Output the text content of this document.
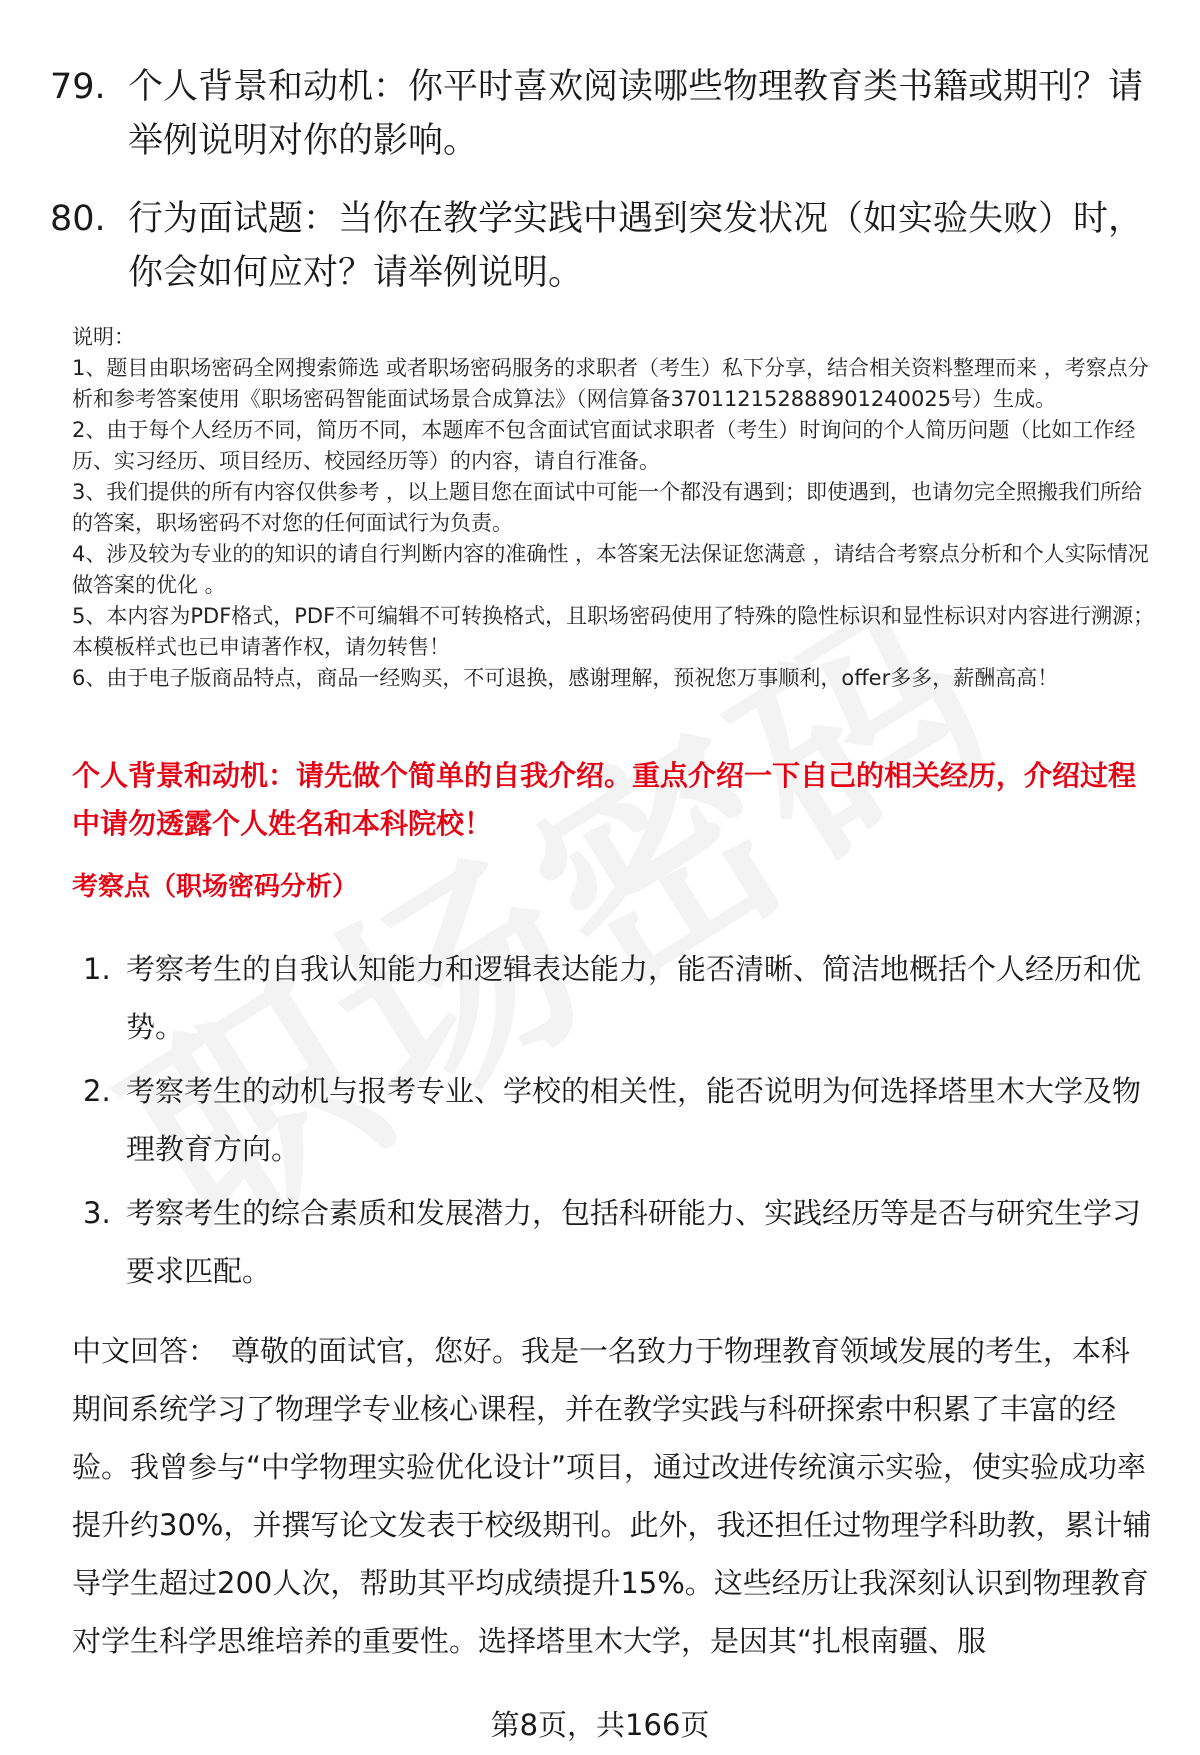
79. 个人背景和动机：你平时喜欢阅读哪些物理教育类书籍或期刊？请举例说明对你的影响。
80. 行为面试题：当你在教学实践中遇到突发状况（如实验失败）时，你会如何应对？请举例说明。
说明：
1、题目由职场密码全网搜索筛选 或者职场密码服务的求职者（考生）私下分享，结合相关资料整理而来 ，考察点分析和参考答案使用《职场密码智能面试场景合成算法》（网信算备370112152888901240025号）生成。
2、由于每个人经历不同，简历不同，本题库不包含面试官面试求职者（考生）时询问的个人简历问题（比如工作经历、实习经历、项目经历、校园经历等）的内容，请自行准备。
3、我们提供的所有内容仅供参考 ，以上题目您在面试中可能一个都没有遇到；即使遇到，也请勿完全照搬我们所给的答案，职场密码不对您的任何面试行为负责。
4、涉及较为专业的的知识的请自行判断内容的准确性 ，本答案无法保证您满意 ，请结合考察点分析和个人实际情况做答案的优化 。
5、本内容为PDF格式，PDF不可编辑不可转换格式，且职场密码使用了特殊的隐性标识和显性标识对内容进行溯源；本模板样式也已申请著作权，请勿转售！
6、由于电子版商品特点，商品一经购买，不可退换，感谢理解，预祝您万事顺利，offer多多，薪酬高高！
个人背景和动机：请先做个简单的自我介绍。重点介绍一下自己的相关经历，介绍过程中请勿透露个人姓名和本科院校！
考察点（职场密码分析）
1. 考察考生的自我认知能力和逻辑表达能力，能否清晰、简洁地概括个人经历和优势。
2. 考察考生的动机与报考专业、学校的相关性，能否说明为何选择塔里木大学及物理教育方向。
3. 考察考生的综合素质和发展潜力，包括科研能力、实践经历等是否与研究生学习要求匹配。
中文回答： 尊敬的面试官，您好。我是一名致力于物理教育领域发展的考生，本科期间系统学习了物理学专业核心课程，并在教学实践与科研探索中积累了丰富的经验。我曾参与“中学物理实验优化设计”项目，通过改进传统演示实验，使实验成功率提升约30%，并撰写论文发表于校级期刊。此外，我还担任过物理学科助教，累计辅导学生超过200人次，帮助其平均成绩提升15%。这些经历让我深刻认识到物理教育对学生科学思维培养的重要性。选择塔里木大学，是因其“扎根南疆、服
第8页，共166页
